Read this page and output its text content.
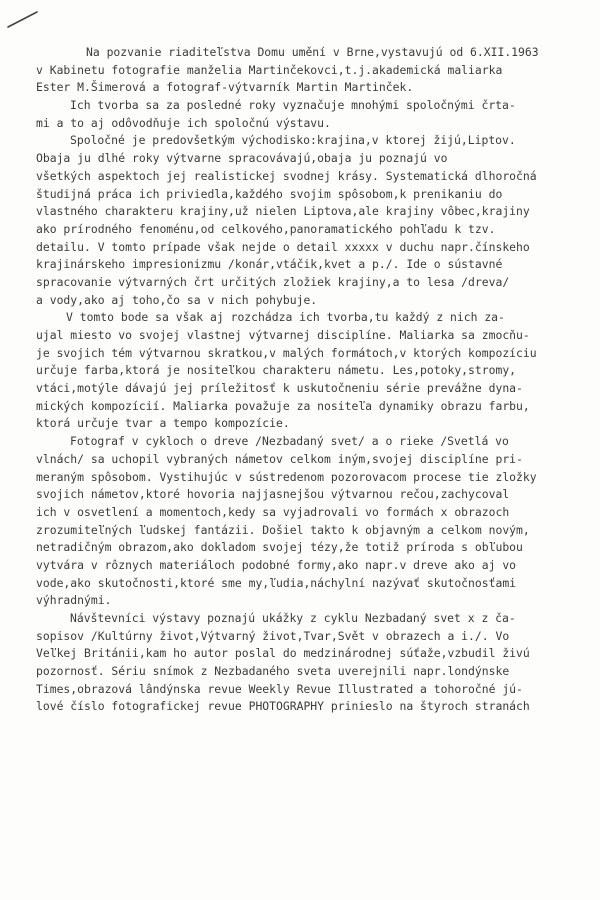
Na pozvanie riaditeľstva Domu umění v Brne,vystavujú od 6.XII.1963
v Kabinetu fotografie manželia Martinčekovci,t.j.akademická maliarka
Ester M.Šimerová a fotograf-výtvarník Martin Martinček.
Ich tvorba sa za posledné roky vyznačuje mnohými spoločnými črta-
mi a to aj odôvodňuje ich spoločnú výstavu.
Spoločné je predovšetkým východisko:krajina,v ktorej žijú,Liptov.
Obaja ju dlhé roky výtvarne spracovávajú,obaja ju poznajú vo
všetkých aspektoch jej realistickej svodnej krásy. Systematická dlhoročná
študijná práca ich priviedla,každého svojim spôsobom,k prenikaniu do
vlastného charakteru krajiny,už nielen Liptova,ale krajiny vôbec,krajiny
ako prírodného fenoménu,od celkového,panoramatického pohľadu k tzv.
detailu. V tomto prípade však nejde o detail xxxxx v duchu napr.čínskeho
krajinárskeho impresionizmu /konár,vtáčik,kvet a p./. Ide o sústavné
spracovanie výtvarných črt určitých zložiek krajiny,a to lesa /dreva/
a vody,ako aj toho,čo sa v nich pohybuje.
V tomto bode sa však aj rozchádza ich tvorba,tu každý z nich za-
ujal miesto vo svojej vlastnej výtvarnej disciplíne. Maliarka sa zmocňu-
je svojich tém výtvarnou skratkou,v malých formátoch,v ktorých kompozíciu
určuje farba,ktorá je nositeľkou charakteru námetu. Les,potoky,stromy,
vtáci,motýle dávajú jej príležitosť k uskutočneniu série prevážne dyna-
mických kompozícií. Maliarka považuje za nositeľa dynamiky obrazu farbu,
ktorá určuje tvar a tempo kompozície.
Fotograf v cykloch o dreve /Nezbadaný svet/ a o rieke /Svetlá vo
vlnách/ sa uchopil vybraných námetov celkom iným,svojej disciplíne pri-
meraným spôsobom. Vystihujúc v sústredenom pozorovacom procese tie zložky
svojich námetov,ktoré hovoria najjasnejšou výtvarnou rečou,zachycoval
ich v osvetlení a momentoch,kedy sa vyjadrovali vo formách x obrazoch
zrozumiteľných ľudskej fantázii. Došiel takto k objavným a celkom novým,
netradičným obrazom,ako dokladom svojej tézy,že totiž príroda s obľubou
vytvára v rôznych materiáloch podobné formy,ako napr.v dreve ako aj vo
vode,ako skutočnosti,ktoré sme my,ľudia,náchylní nazývať skutočnosťami
výhradnými.
Návštevníci výstavy poznajú ukážky z cyklu Nezbadaný svet x z ča-
sopisov /Kultúrny život,Výtvarný život,Tvar,Svět v obrazech a i./. Vo
Veľkej Británii,kam ho autor poslal do medzinárodnej súťaže,vzbudil živú
pozornosť. Sériu snímok z Nezbadaného sveta uverejnili napr.londýnske
Times,obrazová lândýnska revue Weekly Revue Illustrated a tohoročné jú-
lové číslo fotografickej revue PHOTOGRAPHY prinieslo na štyroch stranách
